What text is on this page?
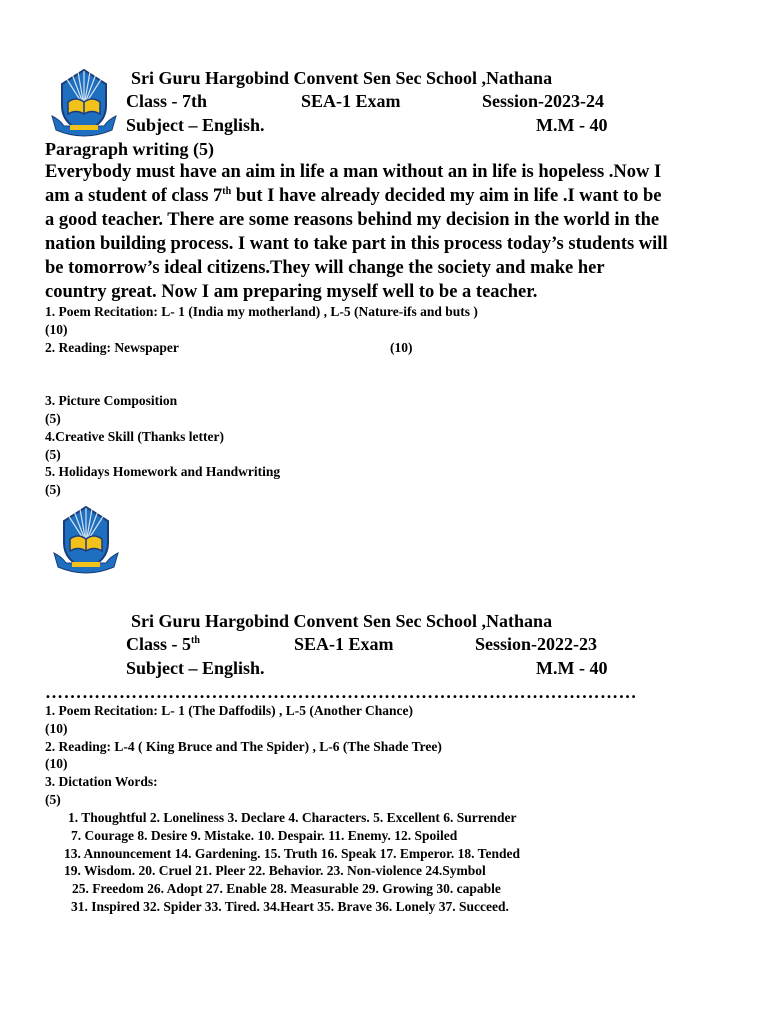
Sri Guru Hargobind Convent Sen Sec School ,Nathana
Class - 7th	SEA-1 Exam	Session-2023-24
Subject – English.	M.M - 40
Paragraph writing (5)
Everybody must have an aim in life a man without an in life is hopeless .Now I
am a student of class 7th but I have already decided my aim in life .I want to be
a good teacher. There are some reasons behind my decision in the world in the
nation building process. I want to take part in this process today’s students will
be tomorrow’s ideal citizens.They will change the society and make her
country great. Now I am preparing myself well to be a teacher.
1. Poem Recitation: L- 1 (India my motherland) , L-5 (Nature-ifs and buts )
(10)
2. Reading: Newspaper	(10)
3. Picture Composition
(5)
4.Creative Skill (Thanks letter)
(5)
5. Holidays Homework and Handwriting
(5)
Sri Guru Hargobind Convent Sen Sec School ,Nathana
Class - 5th	SEA-1 Exam	Session-2022-23
Subject – English.	M.M - 40
……………………………………………………………………………………
1. Poem Recitation: L- 1 (The Daffodils) , L-5 (Another Chance)
(10)
2. Reading: L-4 ( King Bruce and The Spider) , L-6 (The Shade Tree)
(10)
3. Dictation Words:
(5)
1. Thoughtful 2. Loneliness 3. Declare 4. Characters. 5. Excellent 6. Surrender
7. Courage 8. Desire 9. Mistake. 10. Despair. 11. Enemy. 12. Spoiled
13. Announcement 14. Gardening. 15. Truth 16. Speak 17. Emperor. 18. Tended
19. Wisdom. 20. Cruel 21. Pleer 22. Behavior. 23. Non-violence 24.Symbol
25. Freedom 26. Adopt 27. Enable 28. Measurable 29. Growing 30. capable
31. Inspired 32. Spider 33. Tired. 34.Heart 35. Brave 36. Lonely 37. Succeed.
